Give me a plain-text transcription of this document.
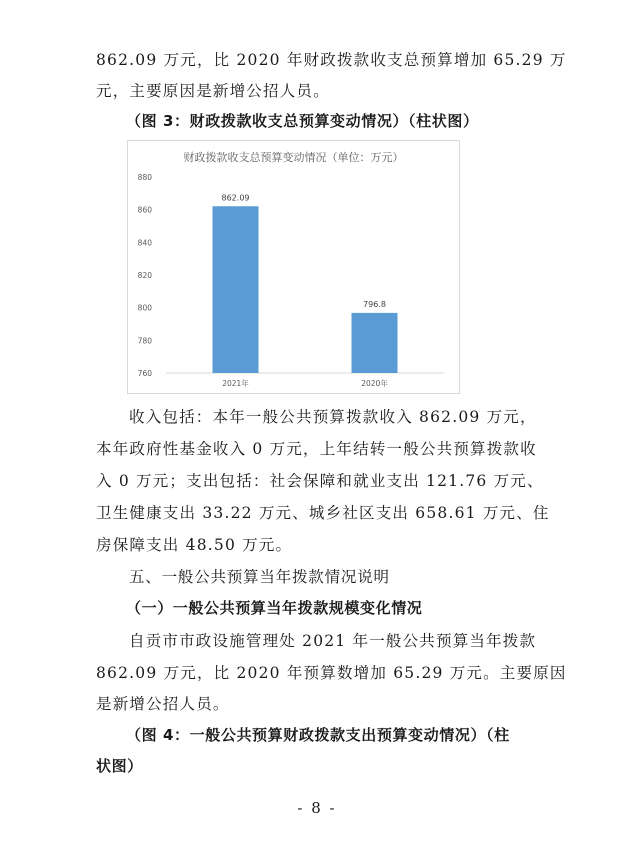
862.09 万元，比 2020 年财政拨款收支总预算增加 65.29 万
元，主要原因是新增公招人员。
（图 3：财政拨款收支总预算变动情况）（柱状图）
财政拨款收支总预算变动情况（单位：万元）
760
780
800
820
840
860
880
862.09
2021年
796.8
2020年
收入包括：本年一般公共预算拨款收入 862.09 万元，
本年政府性基金收入 0 万元，上年结转一般公共预算拨款收
入 0 万元；支出包括：社会保障和就业支出 121.76 万元、
卫生健康支出 33.22 万元、城乡社区支出 658.61 万元、住
房保障支出 48.50 万元。
五、一般公共预算当年拨款情况说明
（一）一般公共预算当年拨款规模变化情况
自贡市市政设施管理处 2021 年一般公共预算当年拨款
862.09 万元，比 2020 年预算数增加 65.29 万元。主要原因
是新增公招人员。
（图 4：一般公共预算财政拨款支出预算变动情况）（柱
状图）
- 8 -
